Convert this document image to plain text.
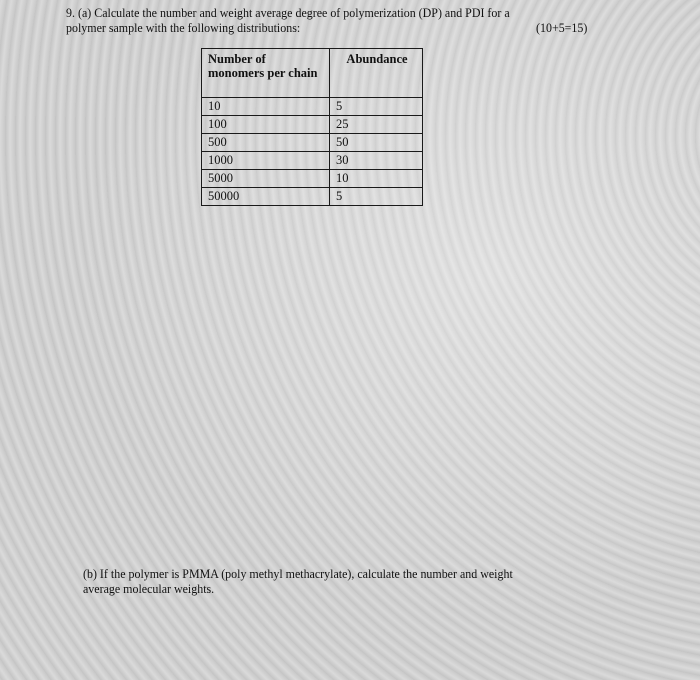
9. (a) Calculate the number and weight average degree of polymerization (DP) and PDI for a
polymer sample with the following distributions:	(10+5=15)
Number of monomers per chain	Abundance
10	5
100	25
500	50
1000	30
5000	10
50000	5
(b) If the polymer is PMMA (poly methyl methacrylate), calculate the number and weight
average molecular weights.
